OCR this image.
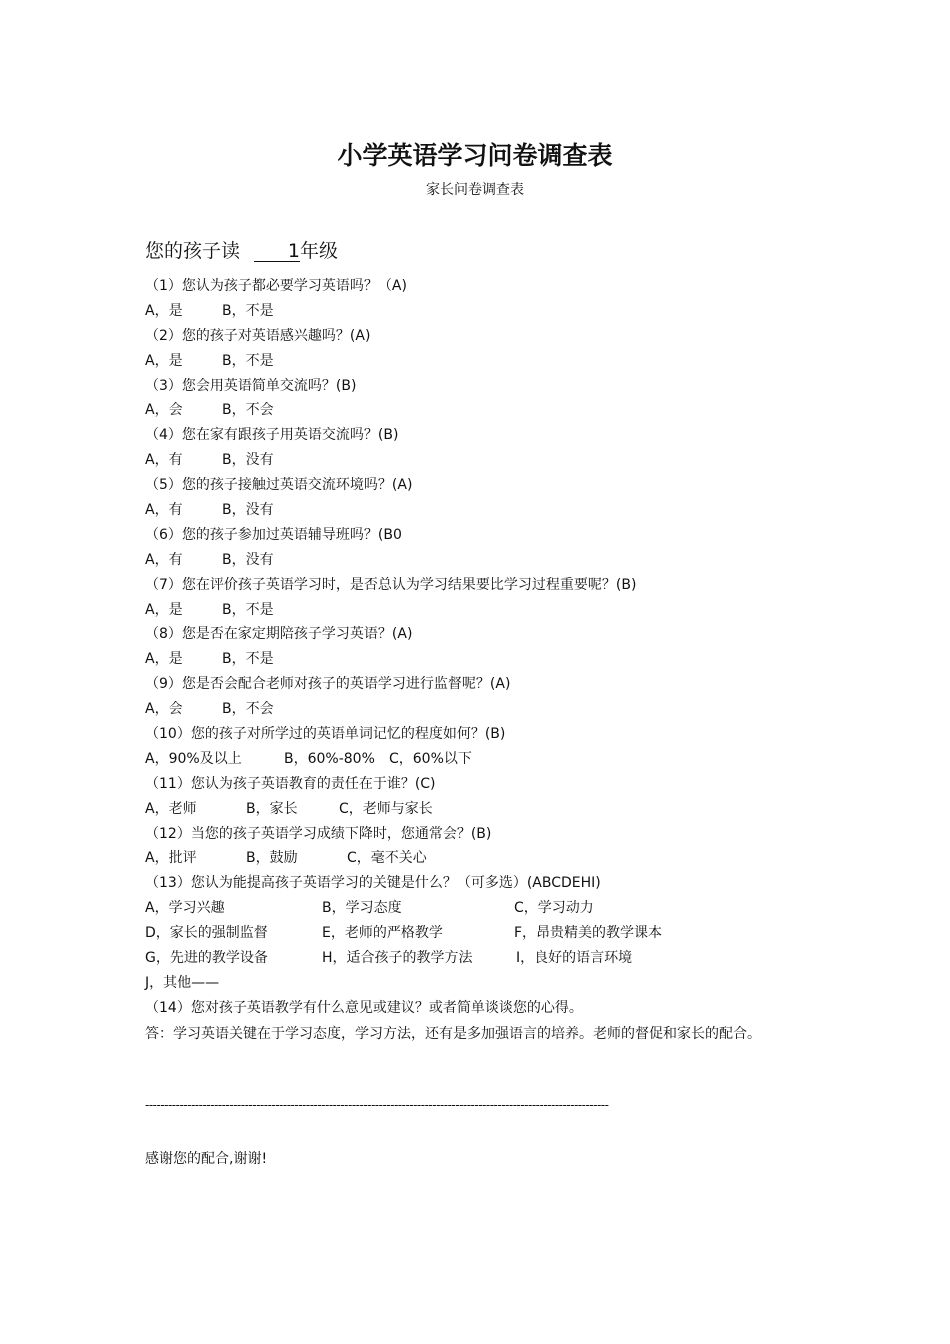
小学英语学习问卷调查表
家长问卷调查表
您的孩子读	1年级
（1）您认为孩子都必要学习英语吗？（A)
A，是	B，不是
（2）您的孩子对英语感兴趣吗？(A)
A，是	B，不是
（3）您会用英语简单交流吗？(B)
A，会	B，不会
（4）您在家有跟孩子用英语交流吗？(B)
A，有	B，没有
（5）您的孩子接触过英语交流环境吗？(A)
A，有	B，没有
（6）您的孩子参加过英语辅导班吗？(B0
A，有	B，没有
（7）您在评价孩子英语学习时，是否总认为学习结果要比学习过程重要呢？(B)
A，是	B，不是
（8）您是否在家定期陪孩子学习英语？(A)
A，是	B，不是
（9）您是否会配合老师对孩子的英语学习进行监督呢？(A)
A，会	B，不会
（10）您的孩子对所学过的英语单词记忆的程度如何？(B)
A，90%及以上	B，60%-80% C，60%以下
（11）您认为孩子英语教育的责任在于谁？(C)
A，老师	B，家长	C，老师与家长
（12）当您的孩子英语学习成绩下降时，您通常会？(B)
A，批评	B，鼓励	C，毫不关心
（13）您认为能提高孩子英语学习的关键是什么？（可多选）(ABCDEHI)
A，学习兴趣	B，学习态度	C，学习动力
D，家长的强制监督	E，老师的严格教学	F，昂贵精美的教学课本
G，先进的教学设备	H，适合孩子的教学方法	I，良好的语言环境
J，其他——
（14）您对孩子英语教学有什么意见或建议？或者简单谈谈您的心得。
答：学习英语关键在于学习态度，学习方法，还有是多加强语言的培养。老师的督促和家长的配合。
-------------------------------------------------------------------------------------------------------------------------
感谢您的配合,谢谢!
